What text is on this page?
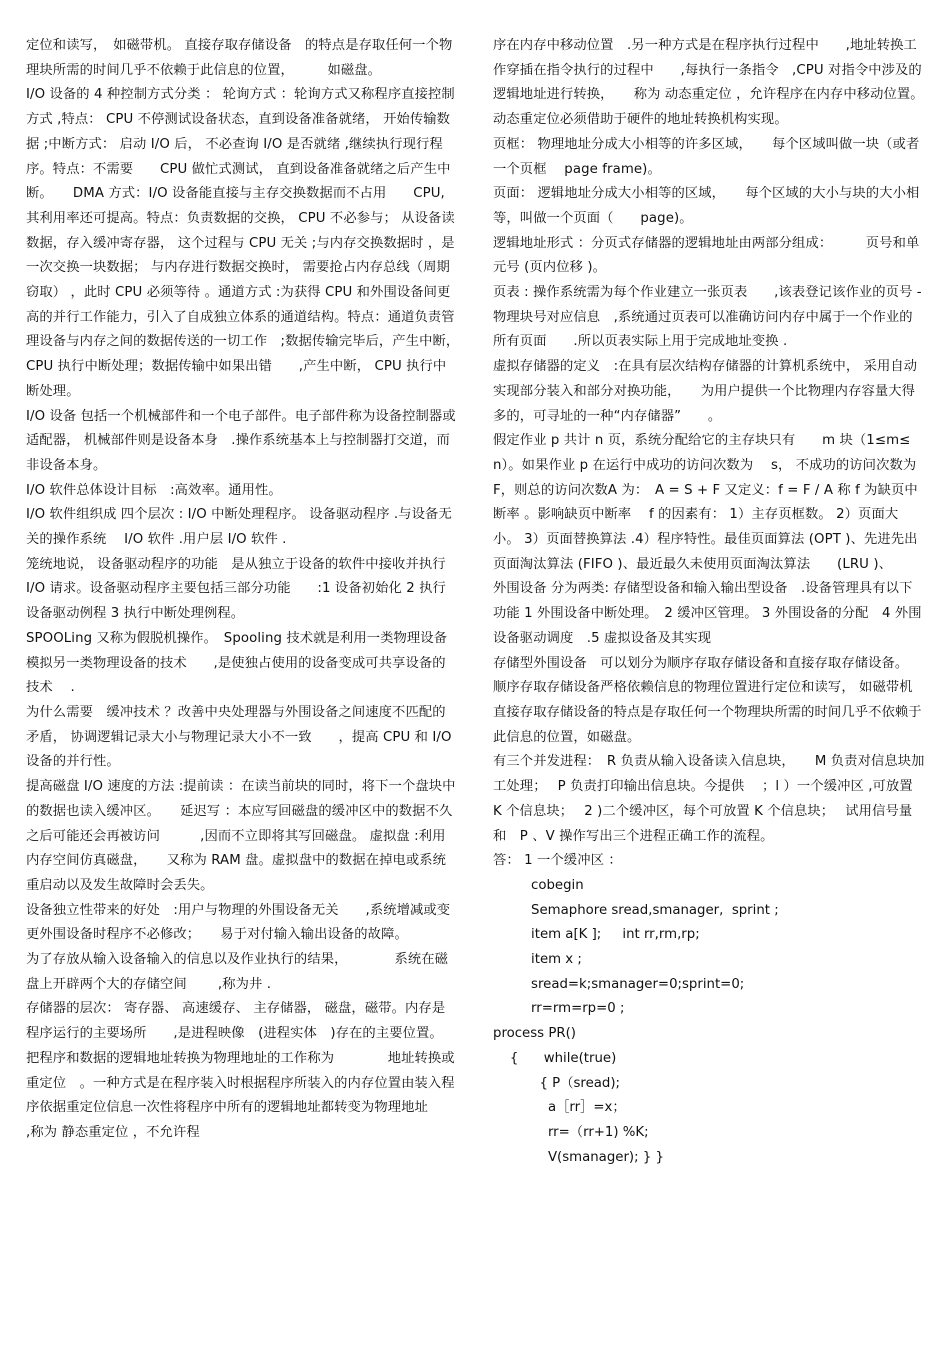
定位和读写，　如磁带机。 直接存取存储设备　的特点是存取任何一个物理块所需的时间几乎不依赖于此信息的位置，　　　如磁盘。

I/O 设备的 4 种控制方式分类 ： 轮询方式 ：轮询方式又称程序直接控制方式 ,特点： CPU 不停测试设备状态，直到设备准备就绪， 开始传输数据 ;中断方式： 启动 I/O 后， 不必查询 I/O 是否就绪 ,继续执行现行程序。特点：不需要　　CPU 做忙式测试， 直到设备准备就绪之后产生中断。　　DMA 方式：I/O 设备能直接与主存交换数据而不占用　　CPU,其利用率还可提高。特点：负责数据的交换， CPU 不必参与； 从设备读数据，存入缓冲寄存器， 这个过程与 CPU 无关 ;与内存交换数据时 ，是一次交换一块数据； 与内存进行数据交换时， 需要抢占内存总线（周期窃取） ，此时 CPU 必须等待 。通道方式 :为获得 CPU 和外围设备间更高的并行工作能力，引入了自成独立体系的通道结构。特点：通道负责管理设备与内存之间的数据传送的一切工作　;数据传输完毕后，产生中断，　　CPU 执行中断处理；数据传输中如果出错　　,产生中断， CPU 执行中断处理。

I/O 设备 包括一个机械部件和一个电子部件。电子部件称为设备控制器或适配器， 机械部件则是设备本身　.操作系统基本上与控制器打交道，而非设备本身。

I/O 软件总体设计目标　:高效率。通用性。

I/O 软件组织成 四个层次 : I/O 中断处理程序。 设备驱动程序 .与设备无关的操作系统　 I/O 软件 .用户层 I/O 软件 .

笼统地说， 设备驱动程序的功能　是从独立于设备的软件中接收并执行　I/O 请求。设备驱动程序主要包括三部分功能　　:1 设备初始化 2 执行设备驱动例程 3 执行中断处理例程。

SPOOLing 又称为假脱机操作。　Spooling 技术就是利用一类物理设备模拟另一类物理设备的技术　　,是使独占使用的设备变成可共享设备的技术　 .

为什么需要　缓冲技术 ？改善中央处理器与外围设备之间速度不匹配的矛盾， 协调逻辑记录大小与物理记录大小不一致　　，提高 CPU 和 I/O 设备的并行性。

提高磁盘 I/O 速度的方法 :提前读 ：在读当前块的同时，将下一个盘块中的数据也读入缓冲区。　　延迟写 ：本应写回磁盘的缓冲区中的数据不久之后可能还会再被访问　　　,因而不立即将其写回磁盘。 虚拟盘 :利用内存空间仿真磁盘，　　又称为 RAM 盘。虚拟盘中的数据在掉电或系统重启动以及发生故障时会丢失。

设备独立性带来的好处　:用户与物理的外围设备无关　　,系统增减或变更外围设备时程序不必修改；　　易于对付输入输出设备的故障。

为了存放从输入设备输入的信息以及作业执行的结果，　　　　系统在磁盘上开辟两个大的存储空间　　 ,称为井 .

存储器的层次： 寄存器、 高速缓存、 主存储器， 磁盘，磁带。内存是程序运行的主要场所　　,是进程映像　(进程实体　)存在的主要位置。

把程序和数据的逻辑地址转换为物理地址的工作称为　　　　地址转换或重定位　。一种方式是在程序装入时根据程序所装入的内存位置由装入程序依据重定位信息一次性将程序中所有的逻辑地址都转变为物理地址　　,称为 静态重定位 ，不允许程

序在内存中移动位置　.另一种方式是在程序执行过程中　　,地址转换工作穿插在指令执行的过程中　　,每执行一条指令　,CPU 对指令中涉及的逻辑地址进行转换，　　称为 动态重定位 ，允许程序在内存中移动位置。 动态重定位必须借助于硬件的地址转换机构实现。

页框： 物理地址分成大小相等的许多区域，　　每个区域叫做一块（或者一个页框　 page frame)。

页面： 逻辑地址分成大小相等的区域，　　每个区域的大小与块的大小相等，叫做一个页面（　　page)。

逻辑地址形式 ：分页式存储器的逻辑地址由两部分组成：　　　页号和单元号 (页内位移 )。

页表 : 操作系统需为每个作业建立一张页表　　,该表登记该作业的页号 -物理块号对应信息　,系统通过页表可以准确访问内存中属于一个作业的所有页面　　.所以页表实际上用于完成地址变换 .

虚拟存储器的定义　:在具有层次结构存储器的计算机系统中， 采用自动实现部分装入和部分对换功能，　　为用户提供一个比物理内存容量大得多的，可寻址的一种“内存储器”　　。

假定作业 p 共计 n 页，系统分配给它的主存块只有　　m 块（1≤m≤n）。如果作业 p 在运行中成功的访问次数为　 s， 不成功的访问次数为　F，则总的访问次数A 为：　A = S + F 又定义：f = F / A 称 f 为缺页中断率 。影响缺页中断率　 f 的因素有： 1）主存页框数。 2）页面大小。 3）页面替换算法 .4）程序特性。最佳页面算法 (OPT )、先进先出页面淘汰算法 (FIFO )、最近最久未使用页面淘汰算法　　(LRU )、

外围设备 分为两类: 存储型设备和输入输出型设备　.设备管理具有以下 功能 1 外围设备中断处理。　2 缓冲区管理。 3 外围设备的分配　4 外围设备驱动调度　.5 虚拟设备及其实现

存储型外围设备　可以划分为顺序存取存储设备和直接存取存储设备。 顺序存取存储设备严格依赖信息的物理位置进行定位和读写， 如磁带机直接存取存储设备的特点是存取任何一个物理块所需的时间几乎不依赖于此信息的位置，如磁盘。

有三个并发进程：　R 负责从输入设备读入信息块，　　M 负责对信息块加工处理；　 P 负责打印输出信息块。今提供　 ；l ）一个缓冲区 ,可放置　K 个信息块；　 2 )二个缓冲区，每个可放置 K 个信息块；　 试用信号量和　P 、V 操作写出三个进程正确工作的流程。

答： 1 一个缓冲区 ：

cobegin
Semaphore sread,smanager,  sprint ;
item a[K ];     int rr,rm,rp;
item x ;
sread=k;smanager=0;sprint=0;
rr=rm=rp=0 ;
process PR()
{      while(true)
{ P（sread);
a［rr］=x；
rr=（rr+1) %K;
V(smanager); } }
